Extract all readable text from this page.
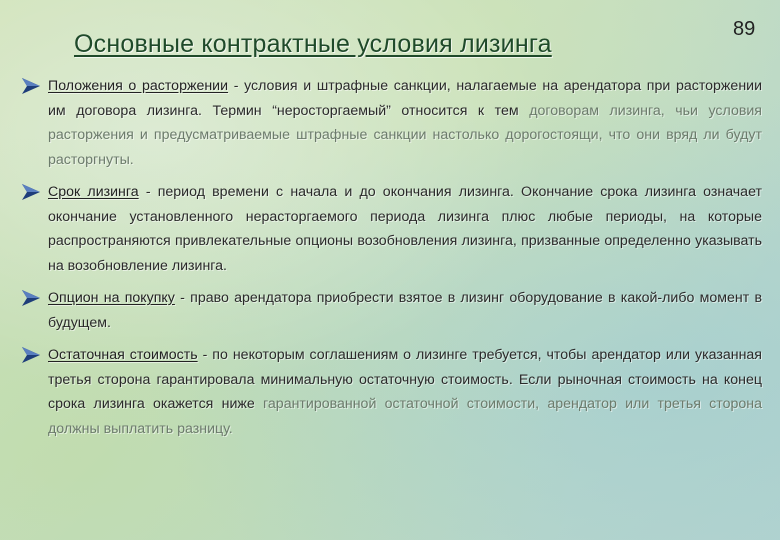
Основные контрактные условия лизинга
89
Положения о расторжении - условия и штрафные санкции, налагаемые на арендатора при расторжении им договора лизинга. Термин “неросторгаемый” относится к тем договорам лизинга, чьи условия расторжения и предусматриваемые штрафные санкции настолько дорогостоящи, что они вряд ли будут расторгнуты.
Срок лизинга - период времени с начала и до окончания лизинга. Окончание срока лизинга означает окончание установленного нерасторгаемого периода лизинга плюс любые периоды, на которые распространяются привлекательные опционы возобновления лизинга, призванные определенно указывать на возобновление лизинга.
Опцион на покупку - право арендатора приобрести взятое в лизинг оборудование в какой-либо момент в будущем.
Остаточная стоимость - по некоторым соглашениям о лизинге требуется, чтобы арендатор или указанная третья сторона гарантировала минимальную остаточную стоимость. Если рыночная стоимость на конец срока лизинга окажется ниже гарантированной остаточной стоимости, арендатор или третья сторона должны выплатить разницу.
